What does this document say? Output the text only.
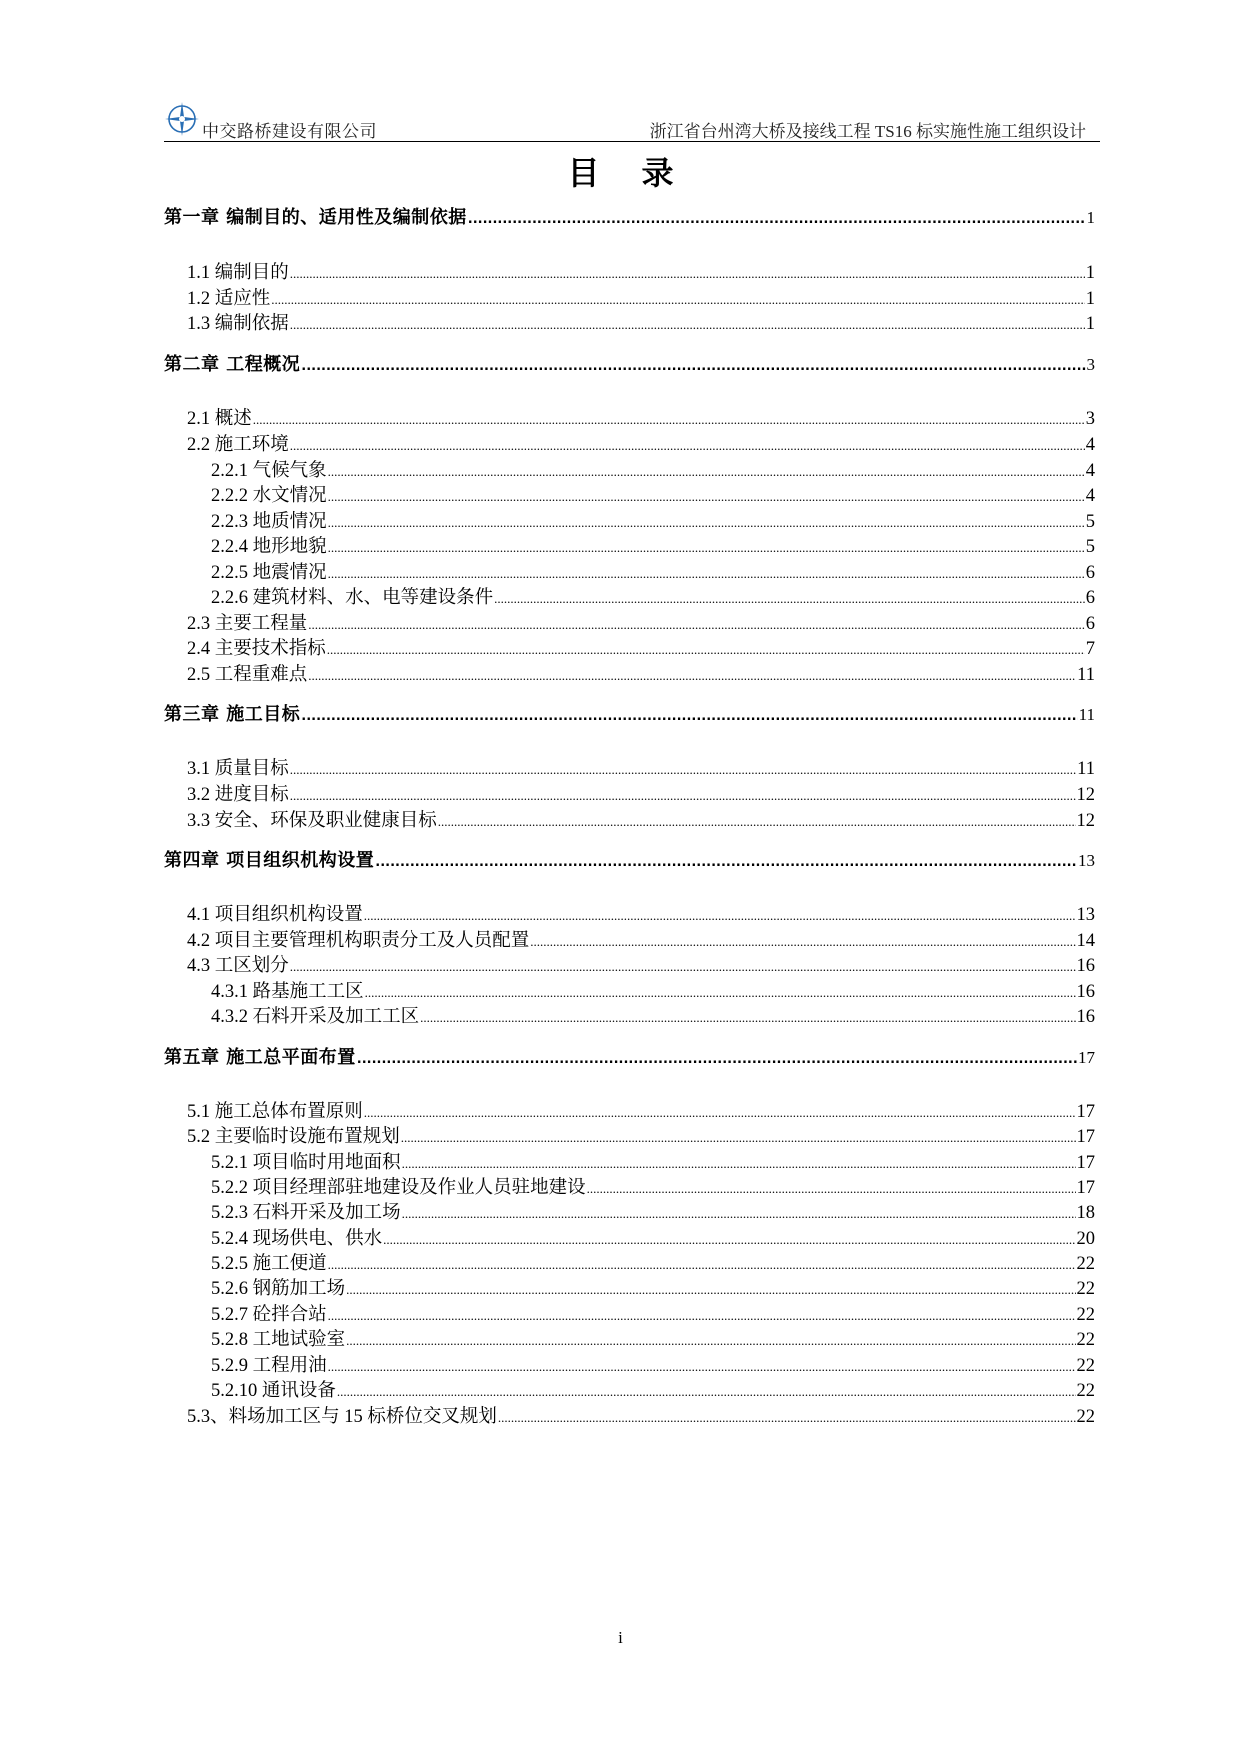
中交路桥建设有限公司	浙江省台州湾大桥及接线工程 TS16 标实施性施工组织设计
目录
第一章 编制目的、适用性及编制依据 .....	1
1.1 编制目的 .....	1
1.2 适应性 .....	1
1.3 编制依据 .....	1
第二章 工程概况 .....	3
2.1 概述 .....	3
2.2 施工环境 .....	4
2.2.1 气候气象 .....	4
2.2.2 水文情况 .....	4
2.2.3 地质情况 .....	5
2.2.4 地形地貌 .....	5
2.2.5 地震情况 .....	6
2.2.6 建筑材料、水、电等建设条件 .....	6
2.3 主要工程量 .....	6
2.4 主要技术指标 .....	7
2.5 工程重难点 .....	11
第三章 施工目标 .....	11
3.1 质量目标 .....	11
3.2 进度目标 .....	12
3.3 安全、环保及职业健康目标 .....	12
第四章 项目组织机构设置 .....	13
4.1 项目组织机构设置 .....	13
4.2 项目主要管理机构职责分工及人员配置 .....	14
4.3 工区划分 .....	16
4.3.1 路基施工工区 .....	16
4.3.2 石料开采及加工工区 .....	16
第五章 施工总平面布置 .....	17
5.1 施工总体布置原则 .....	17
5.2 主要临时设施布置规划 .....	17
5.2.1 项目临时用地面积 .....	17
5.2.2 项目经理部驻地建设及作业人员驻地建设 .....	17
5.2.3 石料开采及加工场 .....	18
5.2.4 现场供电、供水 .....	20
5.2.5 施工便道 .....	22
5.2.6 钢筋加工场 .....	22
5.2.7 砼拌合站 .....	22
5.2.8 工地试验室 .....	22
5.2.9 工程用油 .....	22
5.2.10 通讯设备 .....	22
5.3、料场加工区与 15 标桥位交叉规划 .....	22
i
